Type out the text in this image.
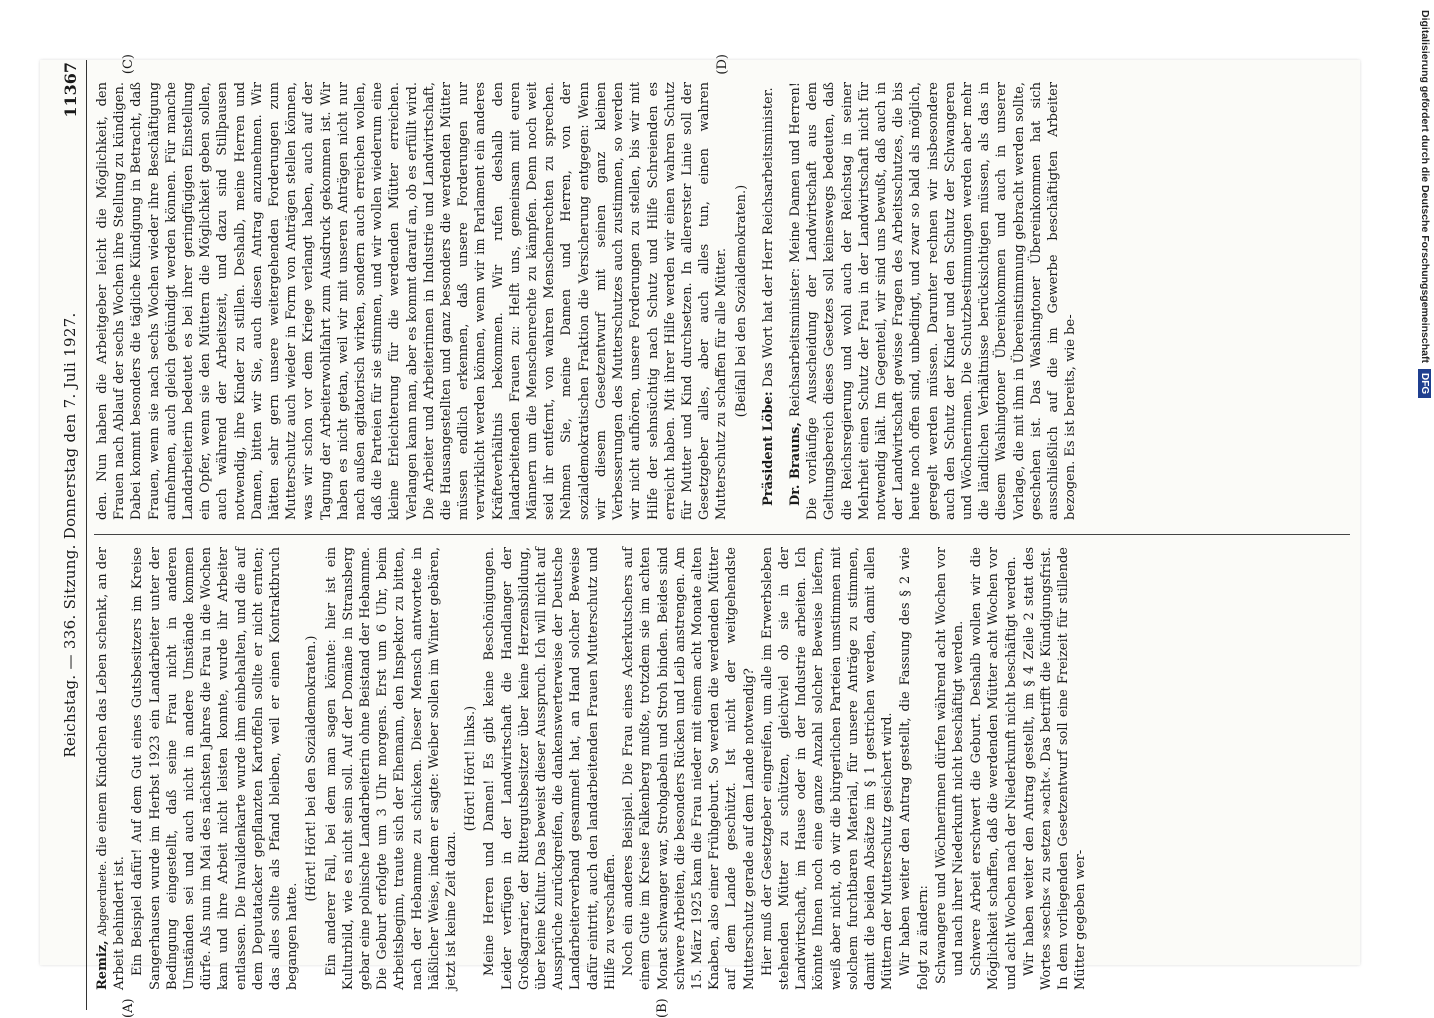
Reichstag. — 336. Sitzung. Donnerstag den 7. Juli 1927.
11367
(A)	(B)

Remiz, Abgeordnete. die einem Kindchen das Leben schenkt, an der Arbeit behindert ist. Ein Beispiel dafür! Auf dem Gut eines Gutsbesitzers im Kreise Sangerhausen wurde im Herbst 1923 ein Landarbeiter unter der Bedingung eingestellt, daß seine Frau nicht in anderen Umständen sei und auch nicht in andere Umstände kommen dürfe. Als nun im Mai des nächsten Jahres die Frau in die Wochen kam und ihre Arbeit nicht leisten konnte, wurde ihr Arbeiter entlassen. Die Invalidenkarte wurde ihm einbehalten, und die auf dem Deputatacker gepflanzten Kartoffeln sollte er nicht ernten; das alles sollte als Pfand bleiben, weil er einen Kontraktbruch begangen hatte.

(Hört! Hört! bei den Sozialdemokraten.) Ein anderer Fall, bei dem man sagen könnte: hier ist ein Kulturbild, wie es nicht sein soll. Auf der Domäne in Stransberg gebar eine polnische Landarbeiterin ohne Beistand der Hebamme. Die Geburt erfolgte um 3 Uhr morgens. Erst um 6 Uhr, beim Arbeitsbeginn, traute sich der Ehemann, den Inspektor zu bitten, nach der Hebamme zu schicken. Dieser Mensch antwortete in häßlicher Weise, indem er sagte: Weiber sollen im Winter gebären, jetzt ist keine Zeit dazu.

(Hört! Hört! links.) Meine Herren und Damen! Es gibt keine Beschönigungen. Leider verfügen in der Landwirtschaft die Handlanger der Großagrarier, der Rittergutsbesitzer über keine Herzensbildung, über keine Kultur. Das beweist dieser Ausspruch. Ich will nicht auf Aussprüche zurückgreifen, die dankenswerterweise der Deutsche Landarbeiterverband gesammelt hat, an Hand solcher Beweise dafür eintritt, auch den landarbeitenden Frauen Mutterschutz und Hilfe zu verschaffen. Noch ein anderes Beispiel. Die Frau eines Ackerkutschers auf einem Gute im Kreise Falkenberg mußte, trotzdem sie im achten Monat schwanger war, Strohgabeln und Stroh binden. Beides sind schwere Arbeiten, die besonders Rücken und Leib anstrengen. Am 15. März 1925 kam die Frau nieder mit einem acht Monate alten Knaben, also einer Frühgeburt. So werden die werdenden Mütter auf dem Lande geschützt. Ist nicht der weitgehendste Mutterschutz gerade auf dem Lande notwendig? Hier muß der Gesetzgeber eingreifen, um alle im Erwerbsleben stehenden Mütter zu schützen, gleichviel ob sie in der Landwirtschaft, im Hause oder in der Industrie arbeiten. Ich könnte Ihnen noch eine ganze Anzahl solcher Beweise liefern, weiß aber nicht, ob wir die bürgerlichen Parteien umstimmen mit solchem furchtbaren Material, für unsere Anträge zu stimmen, damit die beiden Absätze im § 1 gestrichen werden, damit allen Müttern der Mutterschutz gesichert wird. Wir haben weiter den Antrag gestellt, die Fassung des § 2 wie folgt zu ändern: Schwangere und Wöchnerinnen dürfen während acht Wochen vor und nach ihrer Niederkunft nicht beschäftigt werden. Schwere Arbeit erschwert die Geburt. Deshalb wollen wir die Möglichkeit schaffen, daß die werdenden Mütter acht Wochen vor und acht Wochen nach der Niederkunft nicht beschäftigt werden. Wir haben weiter den Antrag gestellt, im § 4 Zeile 2 statt des Wortes »sechs« zu setzen »acht«. Das betrifft die Kündigungsfrist. In dem vorliegenden Gesetzentwurf soll eine Freizeit für stillende Mütter gegeben wer-

(C)	(D)

den. Nun haben die Arbeitgeber leicht die Möglichkeit, den Frauen nach Ablauf der sechs Wochen ihre Stellung zu kündigen. Dabei kommt besonders die tägliche Kündigung in Betracht, daß Frauen, wenn sie nach sechs Wochen wieder ihre Beschäftigung aufnehmen, auch gleich gekündigt werden können. Für manche Landarbeiterin bedeutet es bei ihrer geringfügigen Einstellung ein Opfer, wenn sie den Müttern die Möglichkeit geben sollen, auch während der Arbeitszeit, und dazu sind Stillpausen notwendig, ihre Kinder zu stillen. Deshalb, meine Herren und Damen, bitten wir Sie, auch diesen Antrag anzunehmen. Wir hätten sehr gern unsere weitergehenden Forderungen zum Mutterschutz auch wieder in Form von Anträgen stellen können, was wir schon vor dem Kriege verlangt haben, auch auf der Tagung der Arbeiterwohlfahrt zum Ausdruck gekommen ist. Wir haben es nicht getan, weil wir mit unseren Anträgen nicht nur nach außen agitatorisch wirken, sondern auch erreichen wollen, daß die Parteien für sie stimmen, und wir wollen wiederum eine kleine Erleichterung für die werdenden Mütter erreichen. Verlangen kann man, aber es kommt darauf an, ob es erfüllt wird. Die Arbeiter und Arbeiterinnen in Industrie und Landwirtschaft, die Hausangestellten und ganz besonders die werdenden Mütter müssen endlich erkennen, daß unsere Forderungen nur verwirklicht werden können, wenn wir im Parlament ein anderes Kräfteverhältnis bekommen. Wir rufen deshalb den landarbeitenden Frauen zu: Helft uns, gemeinsam mit euren Männern um die Menschenrechte zu kämpfen. Denn noch weit seid ihr entfernt, von wahren Menschenrechten zu sprechen. Nehmen Sie, meine Damen und Herren, von der sozialdemokratischen Fraktion die Versicherung entgegen: Wenn wir diesem Gesetzentwurf mit seinen ganz kleinen Verbesserungen des Mutterschutzes auch zustimmen, so werden wir nicht aufhören, unsere Forderungen zu stellen, bis wir mit Hilfe der sehnsüchtig nach Schutz und Hilfe Schreienden es erreicht haben. Mit ihrer Hilfe werden wir einen wahren Schutz für Mutter und Kind durchsetzen. In allererster Linie soll der Gesetzgeber alles, aber auch alles tun, einen wahren Mutterschutz zu schaffen für alle Mütter. (Beifall bei den Sozialdemokraten.)

Präsident Löbe: Das Wort hat der Herr Reichsarbeitsminister.

Dr. Brauns, Reichsarbeitsminister: Meine Damen und Herren! Die vorläufige Ausscheidung der Landwirtschaft aus dem Geltungsbereich dieses Gesetzes soll keineswegs bedeuten, daß die Reichsregierung und wohl auch der Reichstag in seiner Mehrheit einen Schutz der Frau in der Landwirtschaft nicht für notwendig hält. Im Gegenteil, wir sind uns bewußt, daß auch in der Landwirtschaft gewisse Fragen des Arbeitsschutzes, die bis heute noch offen sind, unbedingt, und zwar so bald als möglich, geregelt werden müssen. Darunter rechnen wir insbesondere auch den Schutz der Kinder und den Schutz der Schwangeren und Wöchnerinnen. Die Schutzbestimmungen werden aber mehr die ländlichen Verhältnisse berücksichtigen müssen, als das in diesem Washingtoner Übereinkommen und auch in unserer Vorlage, die mit ihm in Übereinstimmung gebracht werden sollte, geschehen ist. Das Washingtoner Übereinkommen hat sich ausschließlich auf die im Gewerbe beschäftigten Arbeiter bezogen. Es ist bereits, wie be-

Digitalisierung gefördert durch die Deutsche Forschungsgemeinschaft
DFG
